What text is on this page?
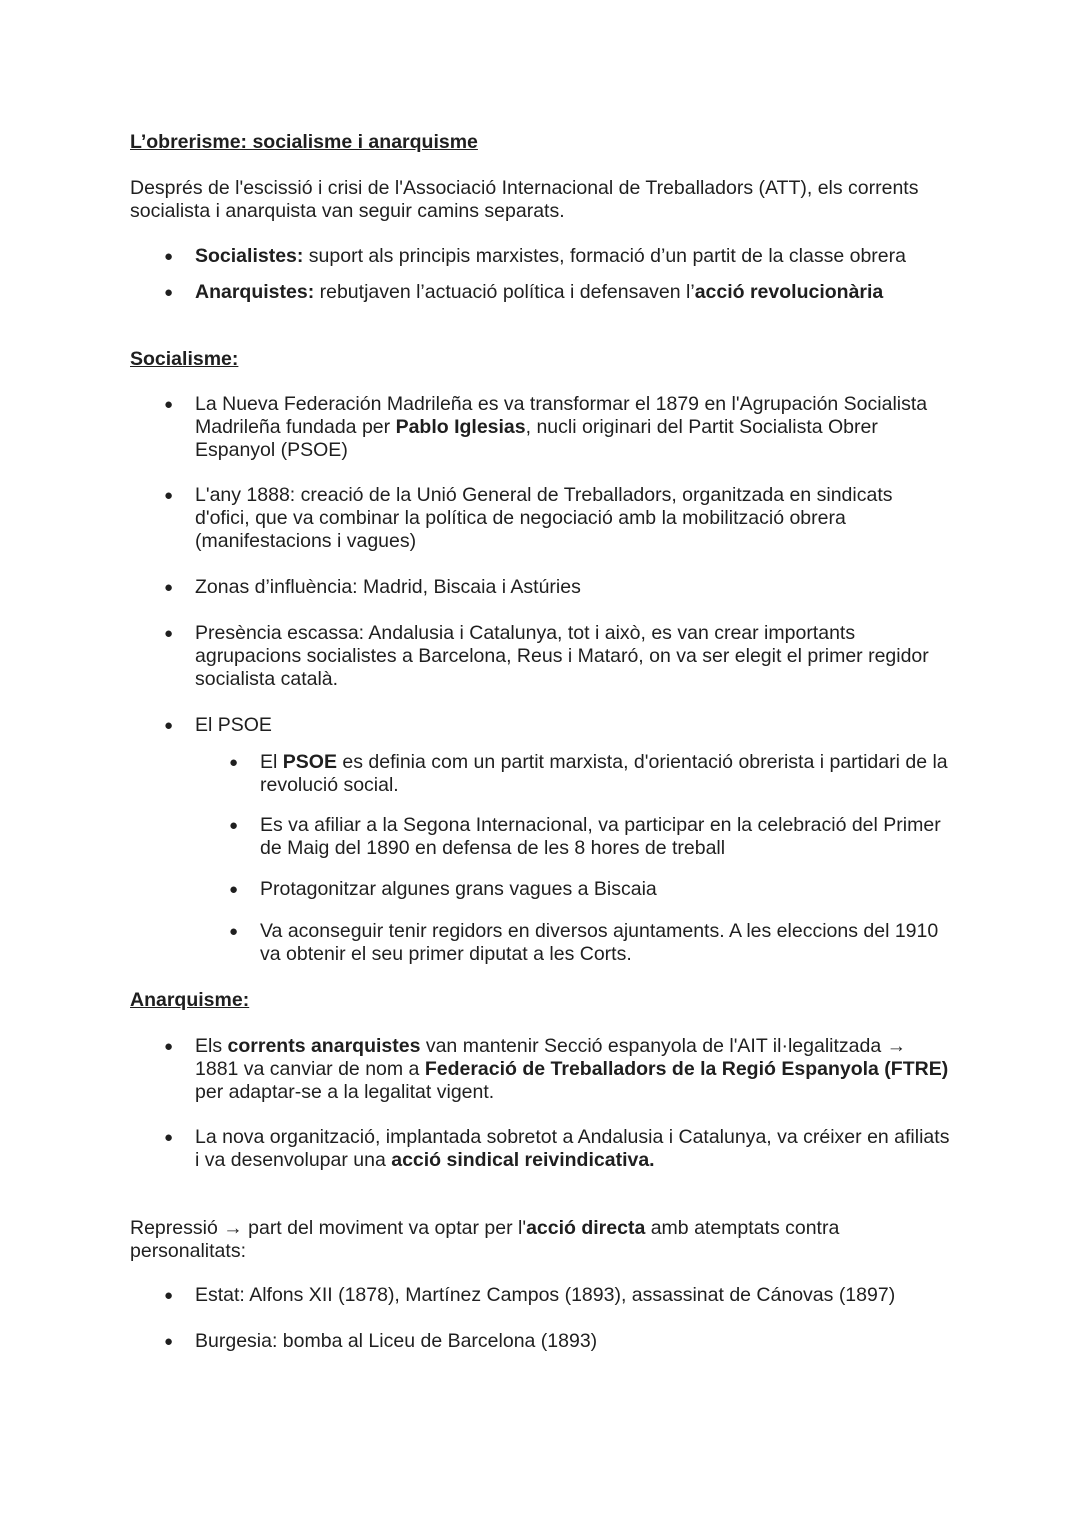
L’obrerisme: socialisme i anarquisme

Després de l'escissió i crisi de l'Associació Internacional de Treballadors (ATT), els corrents socialista i anarquista van seguir camins separats.

● Socialistes: suport als principis marxistes, formació d’un partit de la classe obrera
● Anarquistes: rebutjaven l’actuació política i defensaven l’acció revolucionària
Socialisme:
● La Nueva Federación Madrileña es va transformar el 1879 en l'Agrupación Socialista Madrileña fundada per Pablo Iglesias, nucli originari del Partit Socialista Obrer Espanyol (PSOE)
● L'any 1888: creació de la Unió General de Treballadors, organitzada en sindicats d'ofici, que va combinar la política de negociació amb la mobilització obrera (manifestacions i vagues)
● Zonas d’influència: Madrid, Biscaia i Astúries
● Presència escassa: Andalusia i Catalunya, tot i això, es van crear importants agrupacions socialistes a Barcelona, Reus i Mataró, on va ser elegit el primer regidor socialista català.
● El PSOE
● El PSOE es definia com un partit marxista, d'orientació obrerista i partidari de la revolució social.
● Es va afiliar a la Segona Internacional, va participar en la celebració del Primer de Maig del 1890 en defensa de les 8 hores de treball
● Protagonitzar algunes grans vagues a Biscaia
● Va aconseguir tenir regidors en diversos ajuntaments. A les eleccions del 1910 va obtenir el seu primer diputat a les Corts.
Anarquisme:
● Els corrents anarquistes van mantenir Secció espanyola de l'AIT il·legalitzada → 1881 va canviar de nom a Federació de Treballadors de la Regió Espanyola (FTRE) per adaptar-se a la legalitat vigent.
● La nova organització, implantada sobretot a Andalusia i Catalunya, va créixer en afiliats i va desenvolupar una acció sindical reivindicativa.

Repressió → part del moviment va optar per l'acció directa amb atemptats contra personalitats:

● Estat: Alfons XII (1878), Martínez Campos (1893), assassinat de Cánovas (1897)
● Burgesia: bomba al Liceu de Barcelona (1893)
